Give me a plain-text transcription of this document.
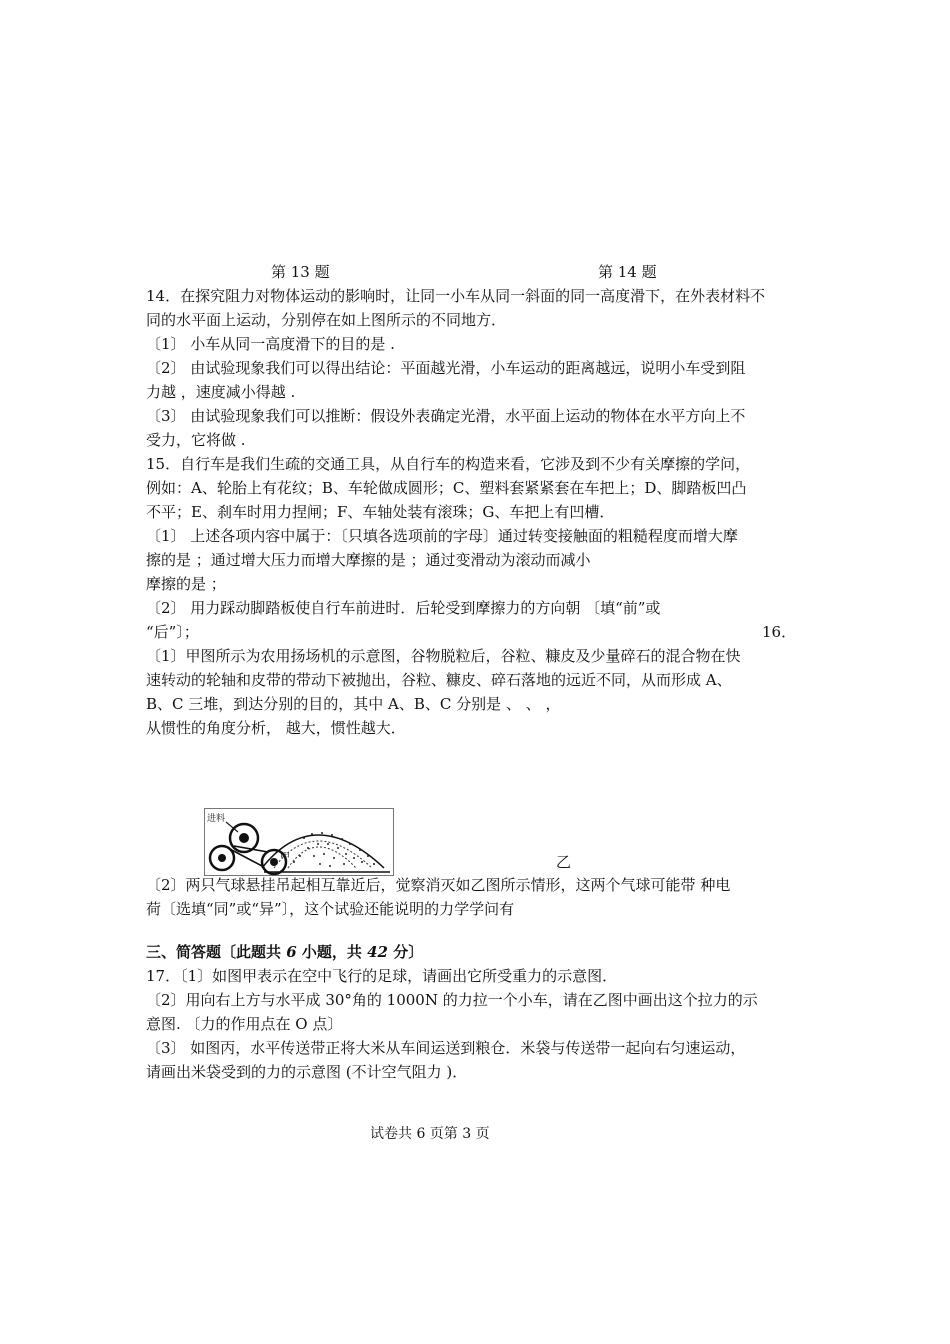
第 13 题	第 14 题
14．在探究阻力对物体运动的影响时，让同一小车从同一斜面的同一高度滑下，在外表材料不
同的水平面上运动，分别停在如上图所示的不同地方．
〔1〕 小车从同一高度滑下的目的是 .
〔2〕 由试验现象我们可以得出结论：平面越光滑，小车运动的距离越远，说明小车受到阻
力越 ，速度减小得越 .
〔3〕 由试验现象我们可以推断：假设外表确定光滑，水平面上运动的物体在水平方向上不
受力，它将做 .
15．自行车是我们生疏的交通工具，从自行车的构造来看，它涉及到不少有关摩擦的学问，
例如：A、轮胎上有花纹；B、车轮做成圆形；C、塑料套紧紧套在车把上；D、脚踏板凹凸
不平；E、刹车时用力捏闸；F、车轴处装有滚珠；G、车把上有凹槽．
〔1〕 上述各项内容中属于：〔只填各选项前的字母〕通过转变接触面的粗糙程度而增大摩
擦的是 ；通过增大压力而增大摩擦的是 ；通过变滑动为滚动而减小
摩擦的是 ；
〔2〕 用力踩动脚踏板使自行车前进时．后轮受到摩擦力的方向朝 〔填“前”或
“后”〕；	16．
〔1〕甲图所示为农用扬场机的示意图，谷物脱粒后，谷粒、糠皮及少量碎石的混合物在快
速转动的轮轴和皮带的带动下被抛出，谷粒、糠皮、碎石落地的远近不同，从而形成 A、
B、C 三堆，到达分别的目的，其中 A、B、C 分别是 、 、 ，
从惯性的角度分析， 越大，惯性越大．
进料
甲	乙
〔2〕两只气球悬挂吊起相互靠近后，觉察消灭如乙图所示情形，这两个气球可能带 种电
荷〔选填“同”或“异”〕，这个试验还能说明的力学学问有
三、简答题〔此题共 6 小题，共 42 分〕
17．〔1〕如图甲表示在空中飞行的足球，请画出它所受重力的示意图．
〔2〕用向右上方与水平成 30°角的 1000N 的力拉一个小车，请在乙图中画出这个拉力的示
意图. 〔力的作用点在 O 点〕
〔3〕 如图丙，水平传送带正将大米从车间运送到粮仓．米袋与传送带一起向右匀速运动，
请画出米袋受到的力的示意图 (不计空气阻力 )．
试卷共 6 页第 3 页
